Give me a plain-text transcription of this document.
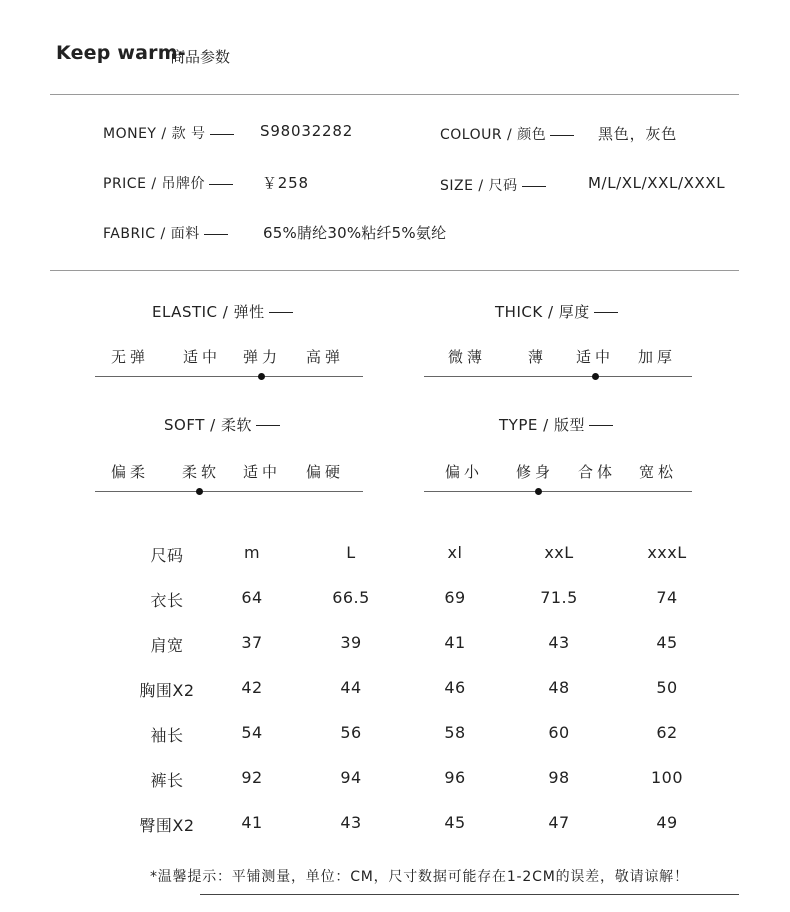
Keep warm-
商品参数
MONEY / 款 号	S98032282	COLOUR / 颜色	黑色，灰色
PRICE / 吊牌价	￥258	SIZE / 尺码	M/L/XL/XXL/XXXL
FABRIC / 面料	65%腈纶30%粘纤5%氨纶
ELASTIC / 弹性
无弹 适中 弹力 高弹
THICK / 厚度
微薄	薄 适中 加厚
SOFT / 柔软
偏柔 柔软 适中 偏硬
TYPE / 版型
偏小 修身 合体 宽松
尺码	m	L	xl	xxL	xxxL
衣长	64	66.5	69	71.5	74
肩宽	37	39	41	43	45
胸围X2	42	44	46	48	50
袖长	54	56	58	60	62
裤长	92	94	96	98	100
臀围X2	41	43	45	47	49
*温馨提示：平铺测量，单位：CM，尺寸数据可能存在1-2CM的误差，敬请谅解！
